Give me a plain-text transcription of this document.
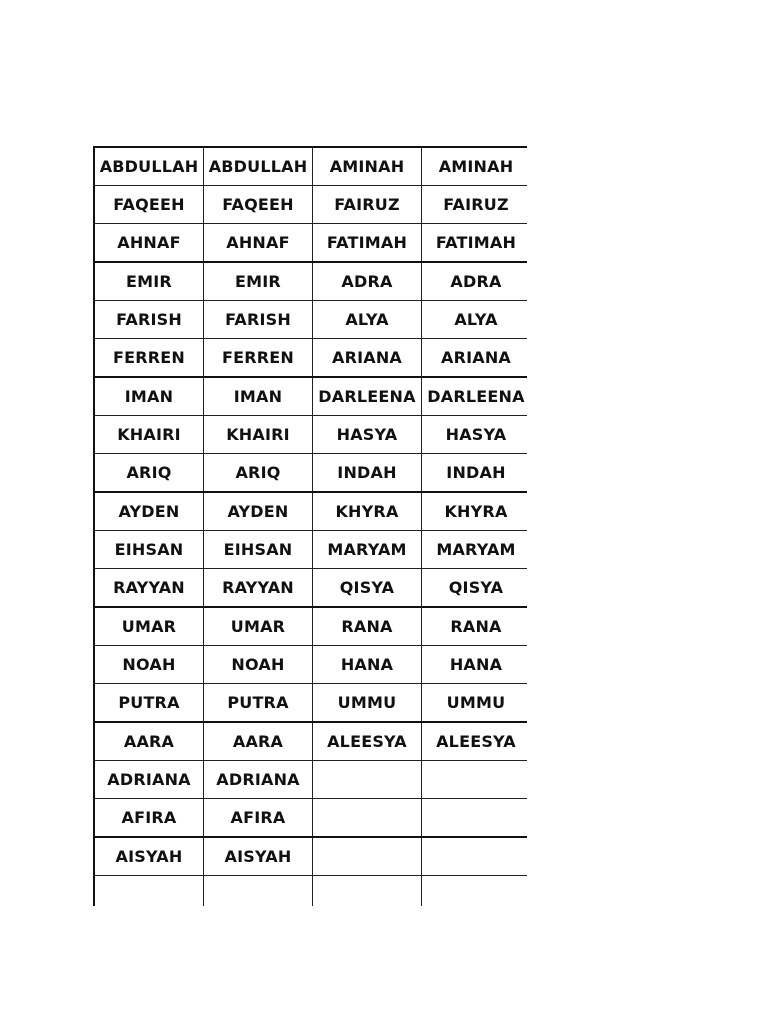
ABDULLAH	ABDULLAH	AMINAH	AMINAH
FAQEEH	FAQEEH	FAIRUZ	FAIRUZ
AHNAF	AHNAF	FATIMAH	FATIMAH
EMIR	EMIR	ADRA	ADRA
FARISH	FARISH	ALYA	ALYA
FERREN	FERREN	ARIANA	ARIANA
IMAN	IMAN	DARLEENA	DARLEENA
KHAIRI	KHAIRI	HASYA	HASYA
ARIQ	ARIQ	INDAH	INDAH
AYDEN	AYDEN	KHYRA	KHYRA
EIHSAN	EIHSAN	MARYAM	MARYAM
RAYYAN	RAYYAN	QISYA	QISYA
UMAR	UMAR	RANA	RANA
NOAH	NOAH	HANA	HANA
PUTRA	PUTRA	UMMU	UMMU
AARA	AARA	ALEESYA	ALEESYA
ADRIANA	ADRIANA		
AFIRA	AFIRA		
AISYAH	AISYAH		
